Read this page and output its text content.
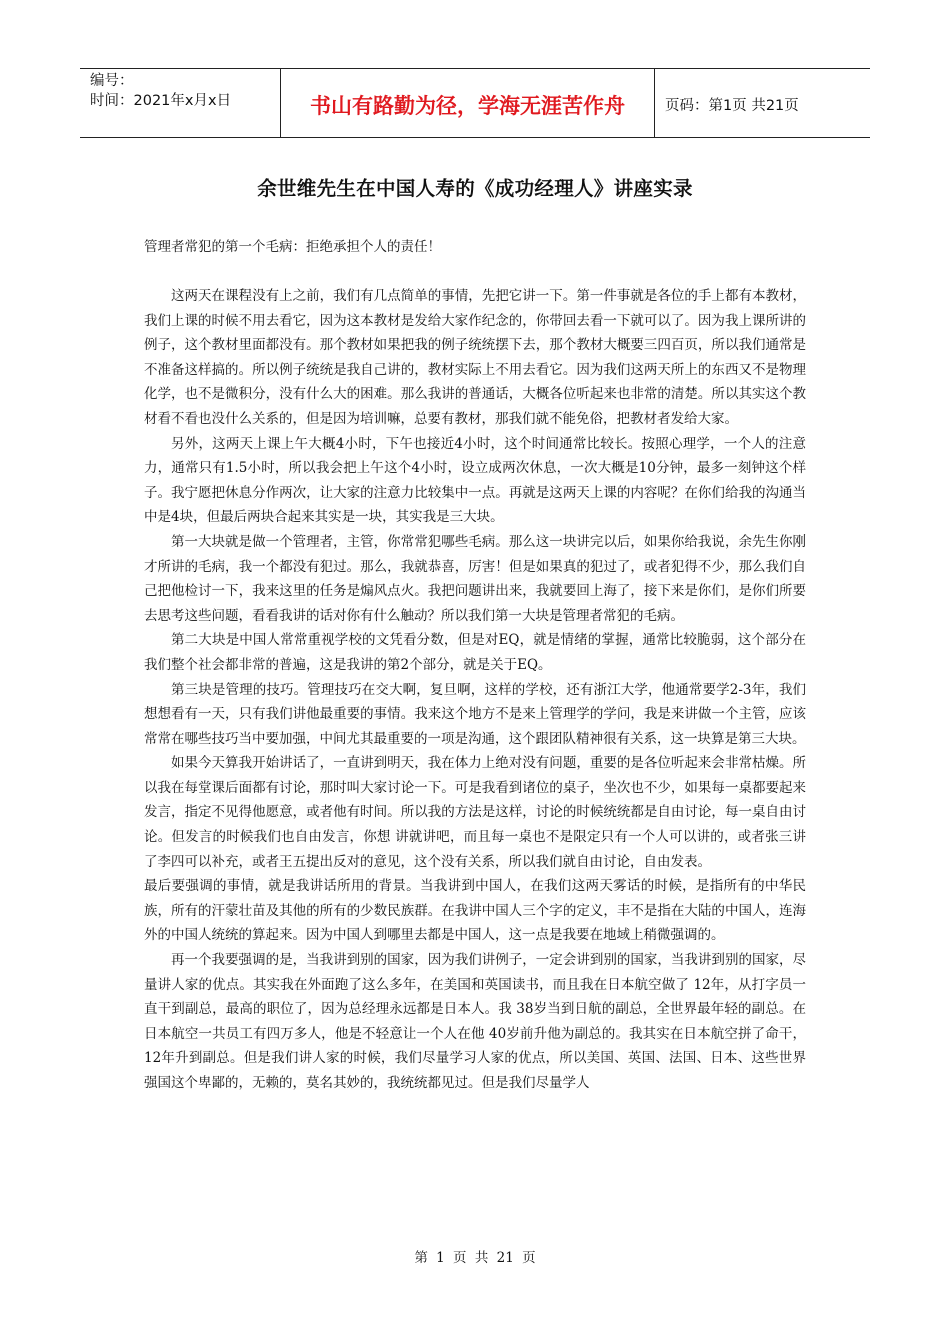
编号：
时间：2021年x月x日	书山有路勤为径，学海无涯苦作舟	页码：第1页 共21页
余世维先生在中国人寿的《成功经理人》讲座实录
管理者常犯的第一个毛病：拒绝承担个人的责任！

这两天在课程没有上之前，我们有几点简单的事情，先把它讲一下。第一件事就是各位的手上都有本教材，我们上课的时候不用去看它，因为这本教材是发给大家作纪念的，你带回去看一下就可以了。因为我上课所讲的例子，这个教材里面都没有。那个教材如果把我的例子统统摆下去，那个教材大概要三四百页，所以我们通常是不准备这样搞的。所以例子统统是我自己讲的，教材实际上不用去看它。因为我们这两天所上的东西又不是物理化学，也不是微积分，没有什么大的困难。那么我讲的普通话，大概各位听起来也非常的清楚。所以其实这个教材看不看也没什么关系的，但是因为培训嘛，总要有教材，那我们就不能免俗，把教材者发给大家。

另外，这两天上课上午大概4小时，下午也接近4小时，这个时间通常比较长。按照心理学，一个人的注意力，通常只有1.5小时，所以我会把上午这个4小时，设立成两次休息，一次大概是10分钟，最多一刻钟这个样子。我宁愿把休息分作两次，让大家的注意力比较集中一点。再就是这两天上课的内容呢？在你们给我的沟通当中是4块，但最后两块合起来其实是一块，其实我是三大块。

第一大块就是做一个管理者，主管，你常常犯哪些毛病。那么这一块讲完以后，如果你给我说，余先生你刚才所讲的毛病，我一个都没有犯过。那么，我就恭喜，厉害！但是如果真的犯过了，或者犯得不少，那么我们自己把他检讨一下，我来这里的任务是煽风点火。我把问题讲出来，我就要回上海了，接下来是你们，是你们所要去思考这些问题，看看我讲的话对你有什么触动？所以我们第一大块是管理者常犯的毛病。

第二大块是中国人常常重视学校的文凭看分数，但是对EQ，就是情绪的掌握，通常比较脆弱，这个部分在我们整个社会都非常的普遍，这是我讲的第2个部分，就是关于EQ。

第三块是管理的技巧。管理技巧在交大啊，复旦啊，这样的学校，还有浙江大学，他通常要学2-3年，我们想想看有一天，只有我们讲他最重要的事情。我来这个地方不是来上管理学的学问，我是来讲做一个主管，应该常常在哪些技巧当中要加强，中间尤其最重要的一项是沟通，这个跟团队精神很有关系，这一块算是第三大块。

如果今天算我开始讲话了，一直讲到明天，我在体力上绝对没有问题，重要的是各位听起来会非常枯燥。所以我在每堂课后面都有讨论，那时叫大家讨论一下。可是我看到诸位的桌子，坐次也不少，如果每一桌都要起来发言，指定不见得他愿意，或者他有时间。所以我的方法是这样，讨论的时候统统都是自由讨论，每一桌自由讨论。但发言的时候我们也自由发言，你想 讲就讲吧，而且每一桌也不是限定只有一个人可以讲的，或者张三讲了李四可以补充，或者王五提出反对的意见，这个没有关系，所以我们就自由讨论，自由发表。

最后要强调的事情，就是我讲话所用的背景。当我讲到中国人，在我们这两天雾话的时候，是指所有的中华民族，所有的汗蒙壮苗及其他的所有的少数民族群。在我讲中国人三个字的定义，丰不是指在大陆的中国人，连海外的中国人统统的算起来。因为中国人到哪里去都是中国人，这一点是我要在地域上稍微强调的。

再一个我要强调的是，当我讲到别的国家，因为我们讲例子，一定会讲到别的国家，当我讲到别的国家，尽量讲人家的优点。其实我在外面跑了这么多年，在美国和英国读书，而且我在日本航空做了 12年，从打字员一直干到副总，最高的职位了，因为总经理永远都是日本人。我 38岁当到日航的副总，全世界最年轻的副总。在日本航空一共员工有四万多人，他是不轻意让一个人在他 40岁前升他为副总的。我其实在日本航空拼了命干，12年升到副总。但是我们讲人家的时候，我们尽量学习人家的优点，所以美国、英国、法国、日本、这些世界强国这个卑鄙的，无赖的，莫名其妙的，我统统都见过。但是我们尽量学人

第 1 页 共 21 页
